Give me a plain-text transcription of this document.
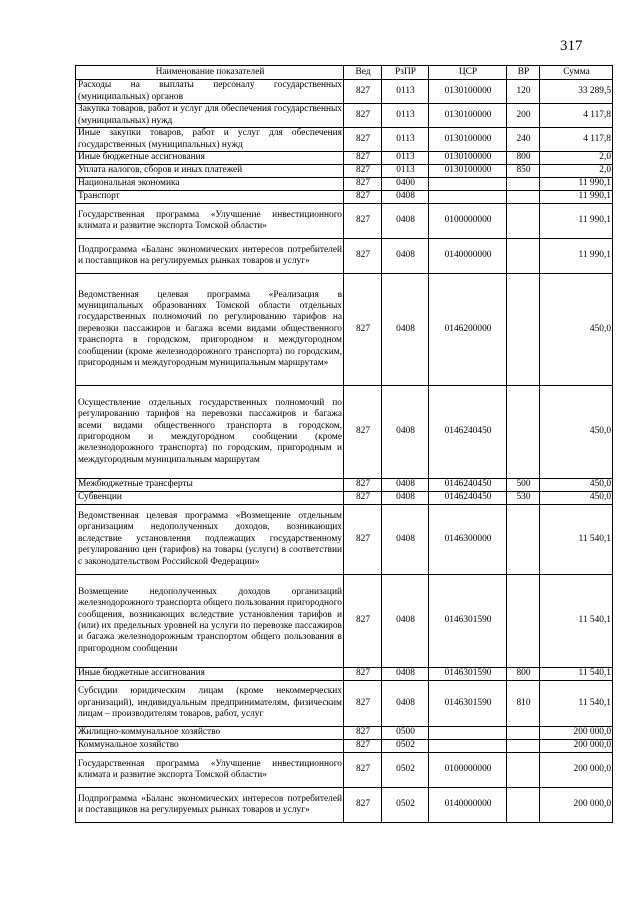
317
Наименование показателей	Вед	РзПР	ЦСР	ВР	Сумма
Расходы на выплаты персоналу государственных (муниципальных) органов	827	0113	0130100000	120	33 289,5
Закупка товаров, работ и услуг для обеспечения государственных (муниципальных) нужд	827	0113	0130100000	200	4 117,8
Иные закупки товаров, работ и услуг для обеспечения государственных (муниципальных) нужд	827	0113	0130100000	240	4 117,8
Иные бюджетные ассигнования	827	0113	0130100000	800	2,0
Уплата налогов, сборов и иных платежей	827	0113	0130100000	850	2,0
Национальная экономика	827	0400			11 990,1
Транспорт	827	0408			11 990,1
Государственная программа «Улучшение инвестиционного климата и развитие экспорта Томской области»	827	0408	0100000000		11 990,1
Подпрограмма «Баланс экономических интересов потребителей и поставщиков на регулируемых рынках товаров и услуг»	827	0408	0140000000		11 990,1
Ведомственная целевая программа «Реализация в муниципальных образованиях Томской области отдельных государственных полномочий по регулированию тарифов на перевозки пассажиров и багажа всеми видами общественного транспорта в городском, пригородном и междугородном сообщении (кроме железнодорожного транспорта) по городским, пригородным и междугородным муниципальным маршрутам»	827	0408	0146200000		450,0
Осуществление отдельных государственных полномочий по регулированию тарифов на перевозки пассажиров и багажа всеми видами общественного транспорта в городском, пригородном и междугородном сообщении (кроме железнодорожного транспорта) по городским, пригородным и междугородным муниципальным маршрутам	827	0408	0146240450		450,0
Межбюджетные трансферты	827	0408	0146240450	500	450,0
Субвенции	827	0408	0146240450	530	450,0
Ведомственная целевая программа «Возмещение отдельным организациям недополученных доходов, возникающих вследствие установления подлежащих государственному регулированию цен (тарифов) на товары (услуги) в соответствии с законодательством Российской Федерации»	827	0408	0146300000		11 540,1
Возмещение недополученных доходов организаций железнодорожного транспорта общего пользования пригородного сообщения, возникающих вследствие установления тарифов и (или) их предельных уровней на услуги по перевозке пассажиров и багажа железнодорожным транспортом общего пользования в пригородном сообщении	827	0408	0146301590		11 540,1
Иные бюджетные ассигнования	827	0408	0146301590	800	11 540,1
Субсидии юридическим лицам (кроме некоммерческих организаций), индивидуальным предпринимателям, физическим лицам – производителям товаров, работ, услуг	827	0408	0146301590	810	11 540,1
Жилищно-коммунальное хозяйство	827	0500			200 000,0
Коммунальное хозяйство	827	0502			200 000,0
Государственная программа «Улучшение инвестиционного климата и развитие экспорта Томской области»	827	0502	0100000000		200 000,0
Подпрограмма «Баланс экономических интересов потребителей и поставщиков на регулируемых рынках товаров и услуг»	827	0502	0140000000		200 000,0
